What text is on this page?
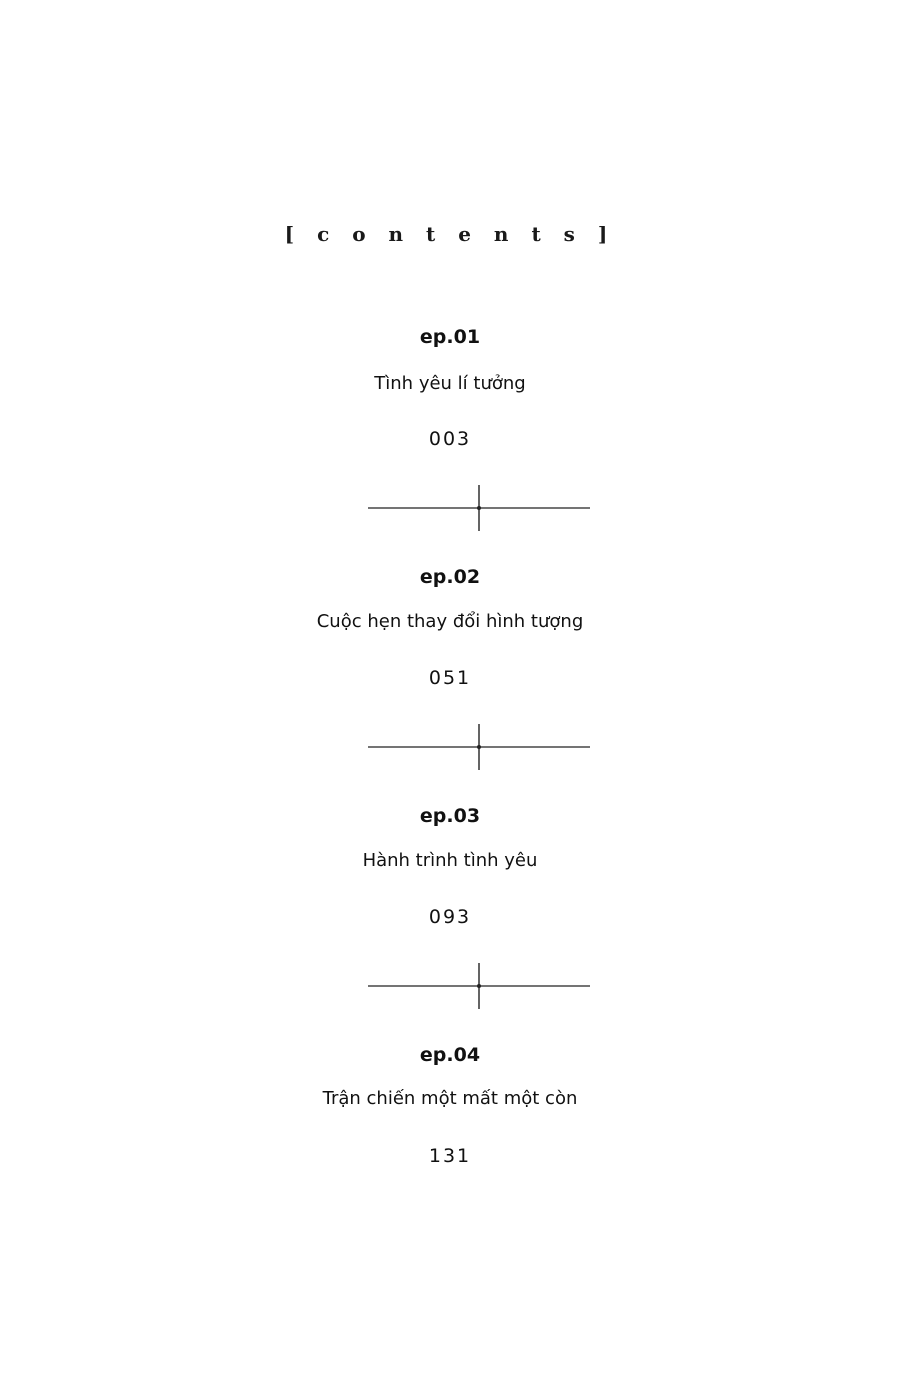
[ c o n t e n t s ]
ep.01
Tình yêu lí tưởng
003
ep.02
Cuộc hẹn thay đổi hình tượng
051
ep.03
Hành trình tình yêu
093
ep.04
Trận chiến một mất một còn
131
